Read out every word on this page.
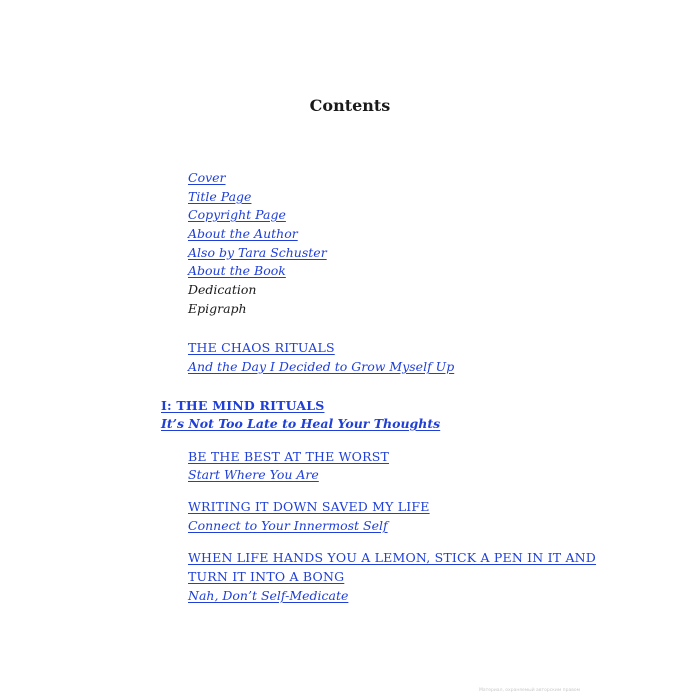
Contents
Cover
Title Page
Copyright Page
About the Author
Also by Tara Schuster
About the Book
Dedication
Epigraph
THE CHAOS RITUALS
And the Day I Decided to Grow Myself Up
I: THE MIND RITUALS
It’s Not Too Late to Heal Your Thoughts
BE THE BEST AT THE WORST
Start Where You Are
WRITING IT DOWN SAVED MY LIFE
Connect to Your Innermost Self
WHEN LIFE HANDS YOU A LEMON, STICK A PEN IN IT AND
TURN IT INTO A BONG
Nah, Don’t Self-Medicate
Материал, охраняемый авторским правом
